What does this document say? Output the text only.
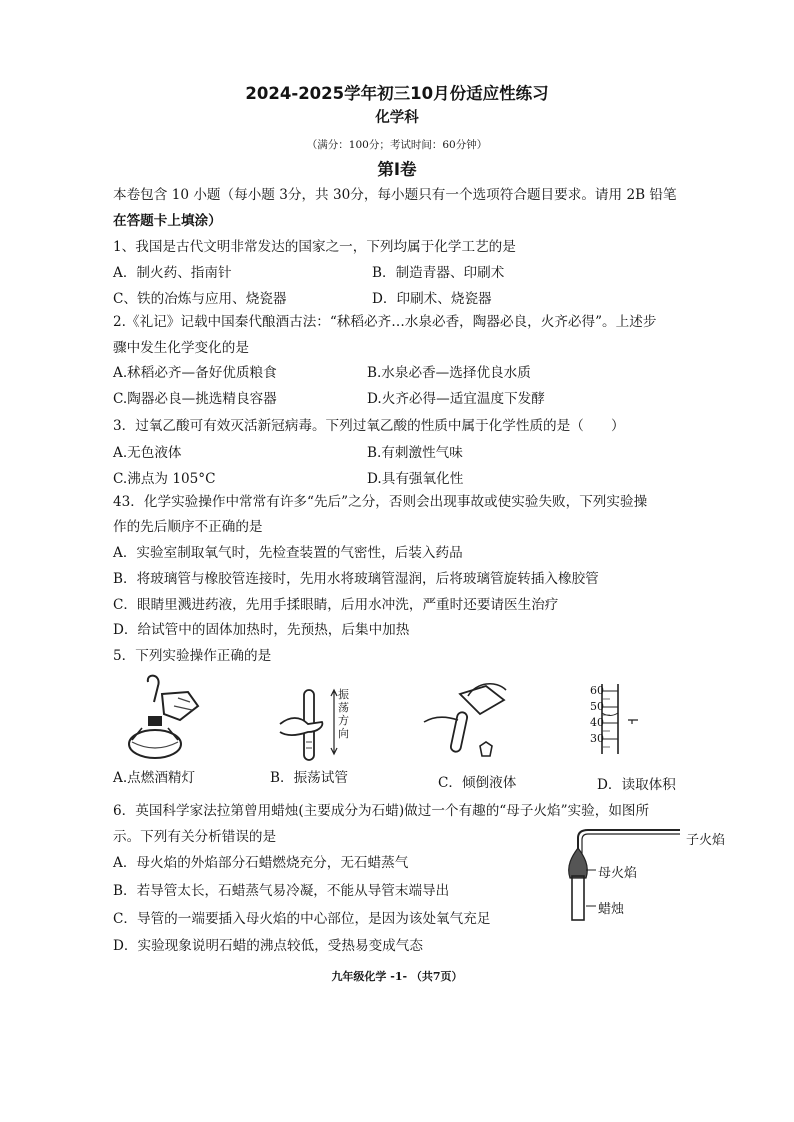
2024-2025学年初三10月份适应性练习
化学科
（满分：100分；考试时间：60分钟）
第Ⅰ卷
本卷包含 10 小题（每小题 3分，共 30分，每小题只有一个选项符合题目要求。请用 2B 铅笔
在答题卡上填涂）
1、我国是古代文明非常发达的国家之一，下列均属于化学工艺的是
A．制火药、指南针	B．制造青器、印刷术
C、铁的冶炼与应用、烧瓷器	D．印刷术、烧瓷器
2.《礼记》记载中国秦代酿酒古法：“秫稻必齐…水泉必香，陶器必良，火齐必得”。上述步
骤中发生化学变化的是
A.秫稻必齐—备好优质粮食	B.水泉必香—选择优良水质
C.陶器必良—挑选精良容器	D.火齐必得—适宜温度下发酵
3．过氧乙酸可有效灭活新冠病毒。下列过氧乙酸的性质中属于化学性质的是（　　）
A.无色液体	B.有刺激性气味
C.沸点为 105°C	D.具有强氧化性
43．化学实验操作中常常有许多“先后”之分，否则会出现事故或使实验失败，下列实验操
作的先后顺序不正确的是
A．实验室制取氧气时，先检查装置的气密性，后装入药品
B．将玻璃管与橡胶管连接时，先用水将玻璃管湿润，后将玻璃管旋转插入橡胶管
C．眼睛里溅进药液，先用手揉眼睛，后用水冲洗，严重时还要请医生治疗
D．给试管中的固体加热时，先预热，后集中加热
5．下列实验操作正确的是
A.点燃酒精灯
振荡方向
B．振荡试管	C．倾倒液体
60
50
40
30
D．读取体积
6．英国科学家法拉第曾用蜡烛(主要成分为石蜡)做过一个有趣的“母子火焰”实验，如图所
示。下列有关分析错误的是
A．母火焰的外焰部分石蜡燃烧充分，无石蜡蒸气
B．若导管太长，石蜡蒸气易冷凝，不能从导管末端导出
C．导管的一端要插入母火焰的中心部位，是因为该处氧气充足
D．实验现象说明石蜡的沸点较低，受热易变成气态
子火焰
母火焰
蜡烛
九年级化学 -1- （共7页）
